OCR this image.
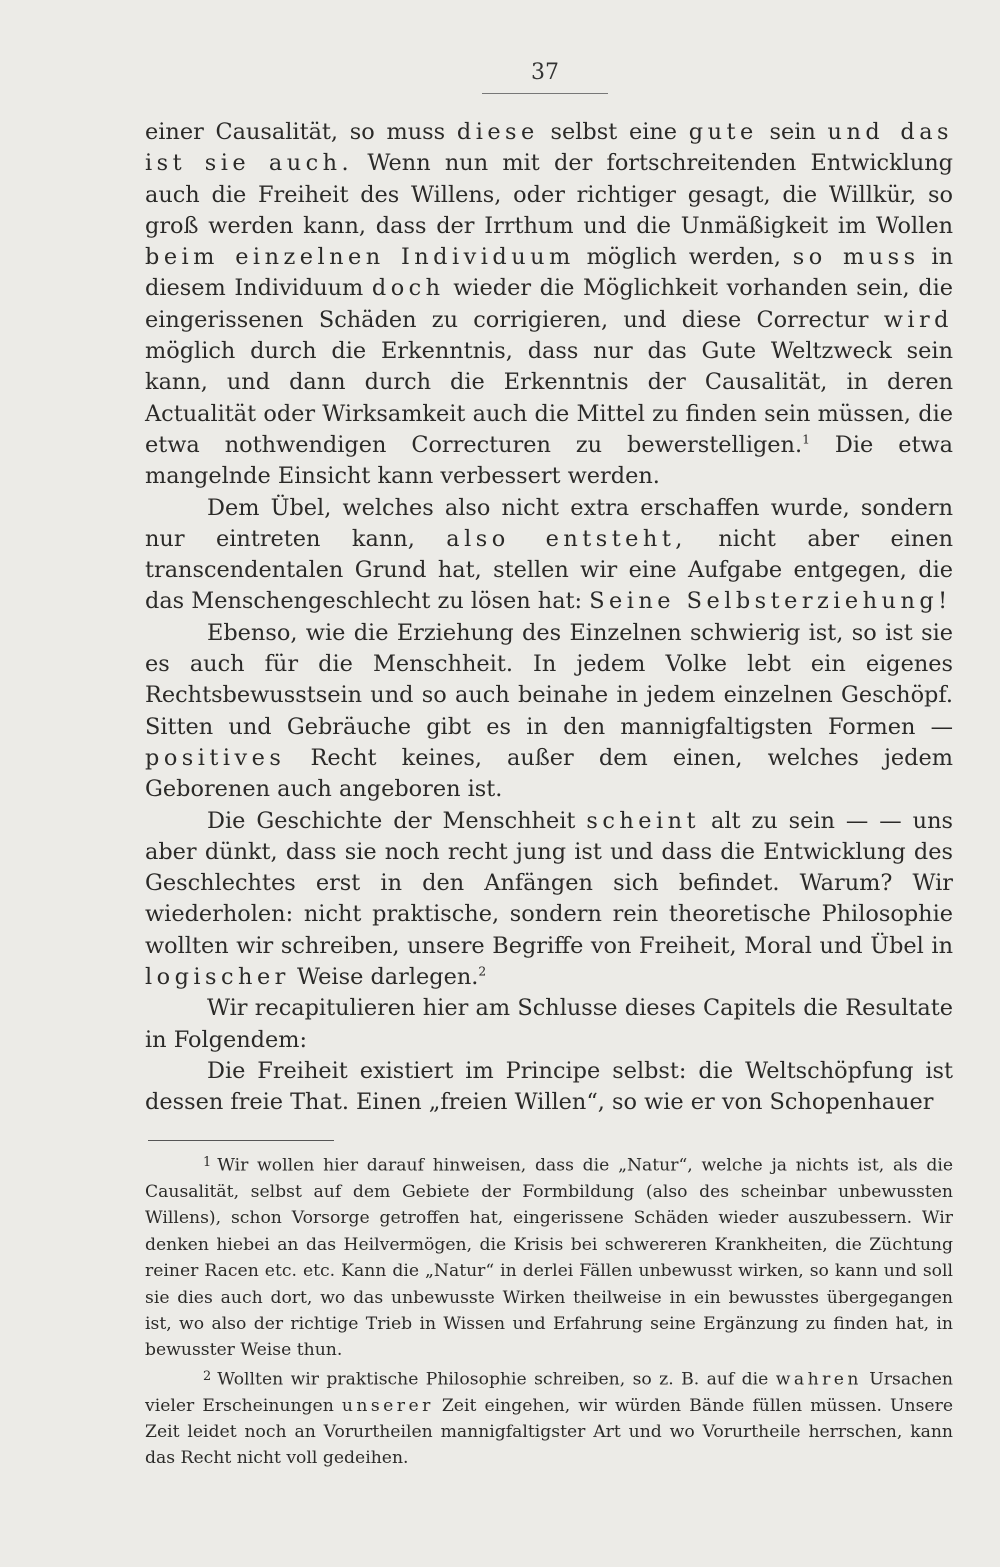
37

einer Causalität, so muss diese selbst eine gute sein und das ist sie auch. Wenn nun mit der fortschreitenden Entwicklung auch die Freiheit des Willens, oder richtiger gesagt, die Willkür, so groß werden kann, dass der Irrthum und die Unmäßigkeit im Wollen beim einzelnen Individuum möglich werden, so muss in diesem Individuum doch wieder die Möglichkeit vorhanden sein, die eingerissenen Schäden zu corrigieren, und diese Correctur wird möglich durch die Erkenntnis, dass nur das Gute Weltzweck sein kann, und dann durch die Erkenntnis der Causalität, in deren Actualität oder Wirksamkeit auch die Mittel zu finden sein müssen, die etwa nothwendigen Correcturen zu bewerstelligen.$^1$ Die etwa mangelnde Einsicht kann verbessert werden.

Dem Übel, welches also nicht extra erschaffen wurde, sondern nur eintreten kann, also entsteht, nicht aber einen transcendentalen Grund hat, stellen wir eine Aufgabe entgegen, die das Menschengeschlecht zu lösen hat: Seine Selbsterziehung!

Ebenso, wie die Erziehung des Einzelnen schwierig ist, so ist sie es auch für die Menschheit. In jedem Volke lebt ein eigenes Rechtsbewusstsein und so auch beinahe in jedem einzelnen Geschöpf. Sitten und Gebräuche gibt es in den mannigfaltigsten Formen — positives Recht keines, außer dem einen, welches jedem Geborenen auch angeboren ist.

Die Geschichte der Menschheit scheint alt zu sein — — uns aber dünkt, dass sie noch recht jung ist und dass die Entwicklung des Geschlechtes erst in den Anfängen sich befindet. Warum? Wir wiederholen: nicht praktische, sondern rein theoretische Philosophie wollten wir schreiben, unsere Begriffe von Freiheit, Moral und Übel in logischer Weise darlegen.$^2$

Wir recapitulieren hier am Schlusse dieses Capitels die Resultate in Folgendem:

Die Freiheit existiert im Principe selbst: die Weltschöpfung ist dessen freie That. Einen „freien Willen“, so wie er von Schopenhauer

$^1$ Wir wollen hier darauf hinweisen, dass die „Natur“, welche ja nichts ist, als die Causalität, selbst auf dem Gebiete der Formbildung (also des scheinbar unbewussten Willens), schon Vorsorge getroffen hat, eingerissene Schäden wieder auszubessern. Wir denken hiebei an das Heilvermögen, die Krisis bei schwereren Krankheiten, die Züchtung reiner Racen etc. etc. Kann die „Natur“ in derlei Fällen unbewusst wirken, so kann und soll sie dies auch dort, wo das unbewusste Wirken theilweise in ein bewusstes übergegangen ist, wo also der richtige Trieb in Wissen und Erfahrung seine Ergänzung zu finden hat, in bewusster Weise thun.

$^2$ Wollten wir praktische Philosophie schreiben, so z. B. auf die wahren Ursachen vieler Erscheinungen unserer Zeit eingehen, wir würden Bände füllen müssen. Unsere Zeit leidet noch an Vorurtheilen mannigfaltigster Art und wo Vorurtheile herrschen, kann das Recht nicht voll gedeihen.
